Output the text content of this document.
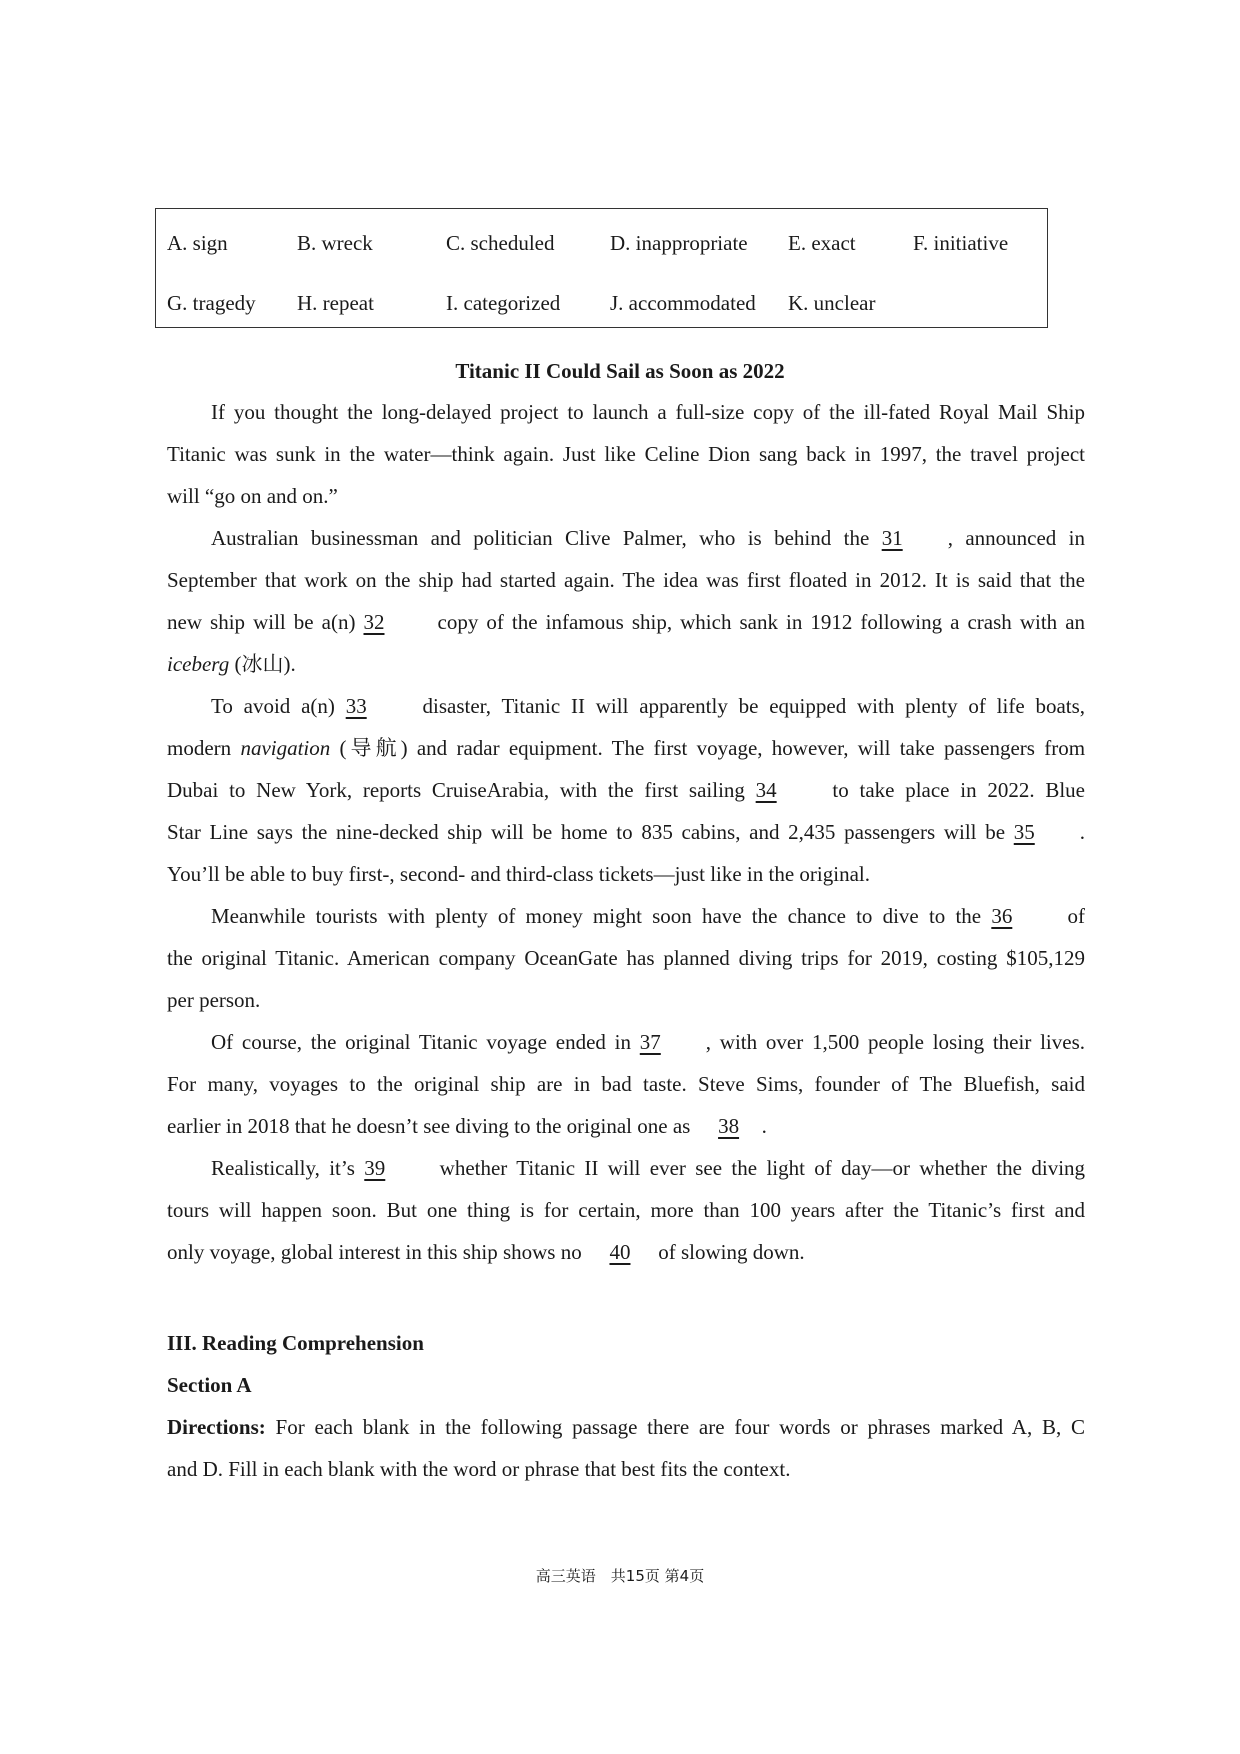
A. sign	B. wreck	C. scheduled	D. inappropriate E. exact	F. initiative
G. tragedy H. repeat	I. categorized J. accommodated K. unclear
Titanic II Could Sail as Soon as 2022
If you thought the long-delayed project to launch a full-size copy of the ill-fated Royal Mail Ship
Titanic was sunk in the water—think again. Just like Celine Dion sang back in 1997, the travel project
will “go on and on.”
Australian businessman and politician Clive Palmer, who is behind the 31 , announced in
September that work on the ship had started again. The idea was first floated in 2012. It is said that the
new ship will be a(n) 32	copy of the infamous ship, which sank in 1912 following a crash with an
iceberg (冰山).
To avoid a(n) 33	disaster, Titanic II will apparently be equipped with plenty of life boats,
modern navigation (导航) and radar equipment. The first voyage, however, will take passengers from
Dubai to New York, reports CruiseArabia, with the first sailing 34	to take place in 2022. Blue
Star Line says the nine-decked ship will be home to 835 cabins, and 2,435 passengers will be 35 .
You’ll be able to buy first-, second- and third-class tickets—just like in the original.
Meanwhile tourists with plenty of money might soon have the chance to dive to the 36	of
the original Titanic. American company OceanGate has planned diving trips for 2019, costing $105,129
per person.
Of course, the original Titanic voyage ended in 37 , with over 1,500 people losing their lives.
For many, voyages to the original ship are in bad taste. Steve Sims, founder of The Bluefish, said
earlier in 2018 that he doesn’t see diving to the original one as 38 .
Realistically, it’s 39	whether Titanic II will ever see the light of day—or whether the diving
tours will happen soon. But one thing is for certain, more than 100 years after the Titanic’s first and
only voyage, global interest in this ship shows no 40 of slowing down.
III. Reading Comprehension
Section A
Directions: For each blank in the following passage there are four words or phrases marked A, B, C
and D. Fill in each blank with the word or phrase that best fits the context.
高三英语　共15页 第4页
